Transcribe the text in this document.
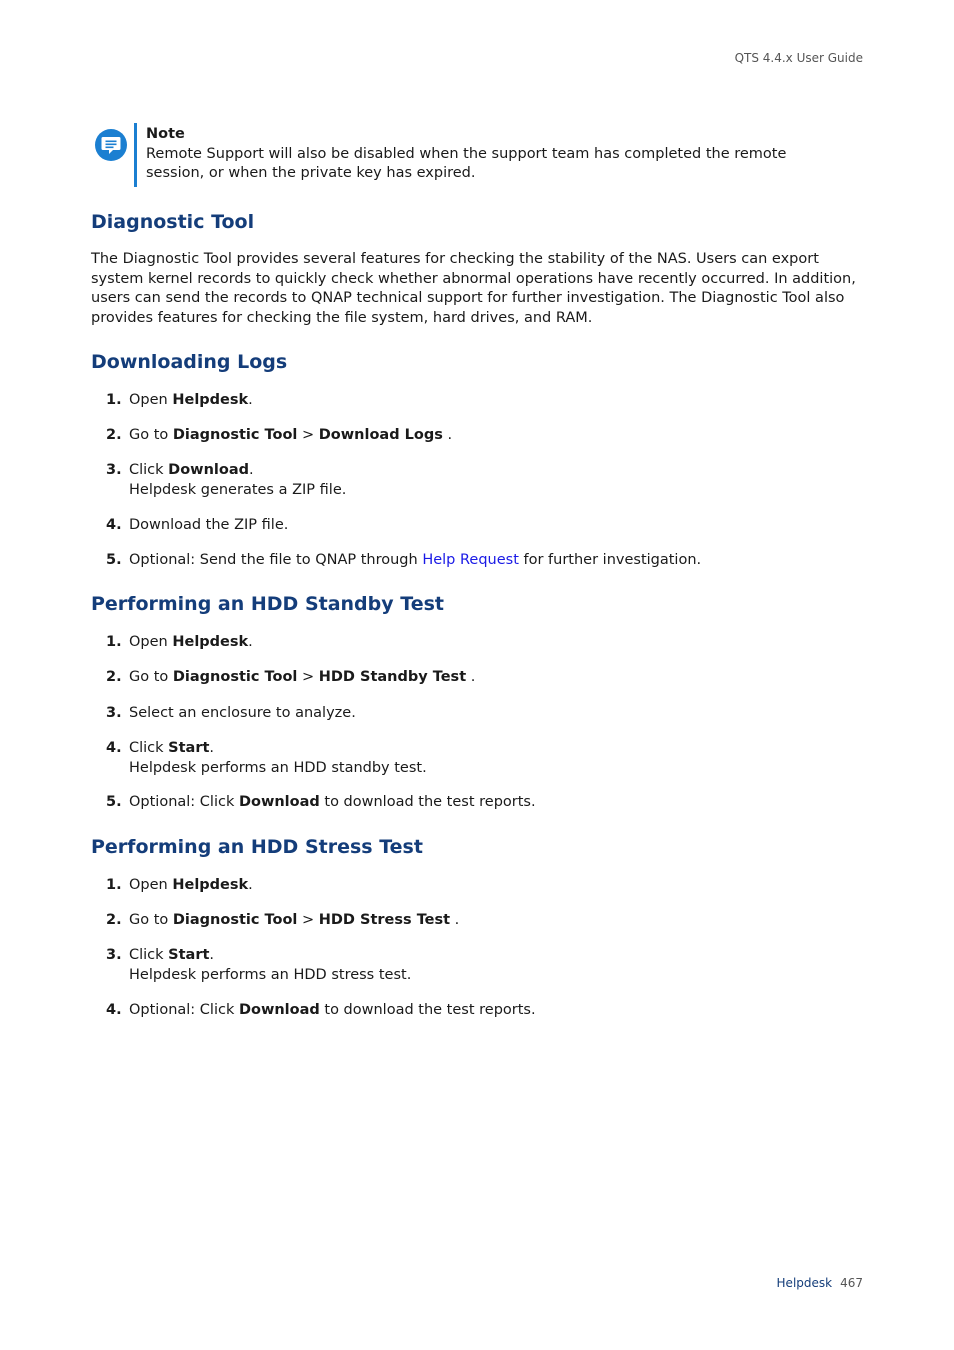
QTS 4.4.x User Guide
Note
Remote Support will also be disabled when the support team has completed the remote
session, or when the private key has expired.
Diagnostic Tool

The Diagnostic Tool provides several features for checking the stability of the NAS. Users can export system kernel records to quickly check whether abnormal operations have recently occurred. In addition, users can send the records to QNAP technical support for further investigation. The Diagnostic Tool also provides features for checking the file system, hard drives, and RAM.

Downloading Logs
1. Open Helpdesk.
2. Go to Diagnostic Tool > Download Logs .
3. Click Download.
Helpdesk generates a ZIP file.
4. Download the ZIP file.
5. Optional: Send the file to QNAP through Help Request for further investigation.
Performing an HDD Standby Test
1. Open Helpdesk.
2. Go to Diagnostic Tool > HDD Standby Test .
3. Select an enclosure to analyze.
4. Click Start.
Helpdesk performs an HDD standby test.
5. Optional: Click Download to download the test reports.
Performing an HDD Stress Test
1. Open Helpdesk.
2. Go to Diagnostic Tool > HDD Stress Test .
3. Click Start.
Helpdesk performs an HDD stress test.
4. Optional: Click Download to download the test reports.
Helpdesk 467
